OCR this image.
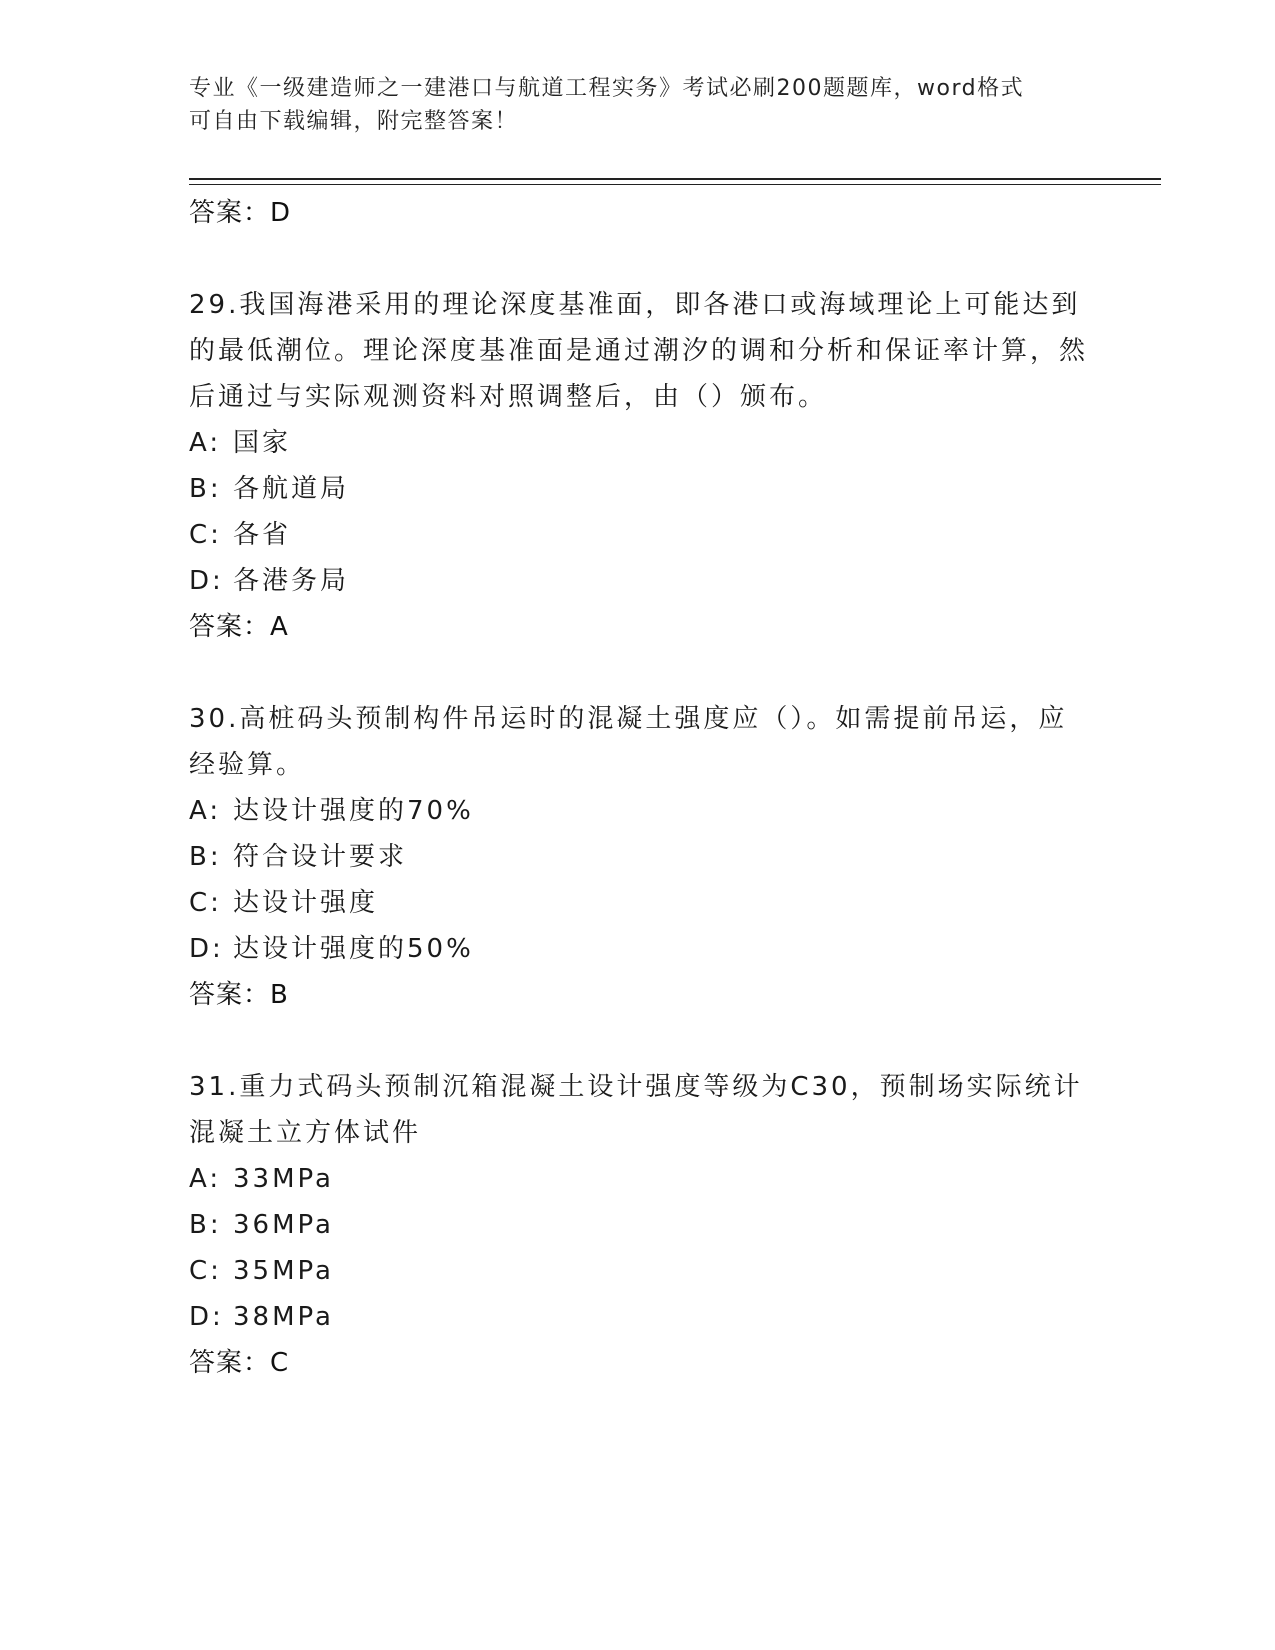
专业《一级建造师之一建港口与航道工程实务》考试必刷200题题库，word格式
可自由下载编辑，附完整答案！
答案：D
29.我国海港采用的理论深度基准面，即各港口或海域理论上可能达到的最低潮位。理论深度基准面是通过潮汐的调和分析和保证率计算，然后通过与实际观测资料对照调整后，由（）颁布。
A: 国家
B: 各航道局
C: 各省
D: 各港务局
答案：A
30.高桩码头预制构件吊运时的混凝土强度应（）。如需提前吊运，应经验算。
A: 达设计强度的70%
B: 符合设计要求
C: 达设计强度
D: 达设计强度的50%
答案：B
31.重力式码头预制沉箱混凝土设计强度等级为C30，预制场实际统计混凝土立方体试件
A: 33MPa
B: 36MPa
C: 35MPa
D: 38MPa
答案：C
